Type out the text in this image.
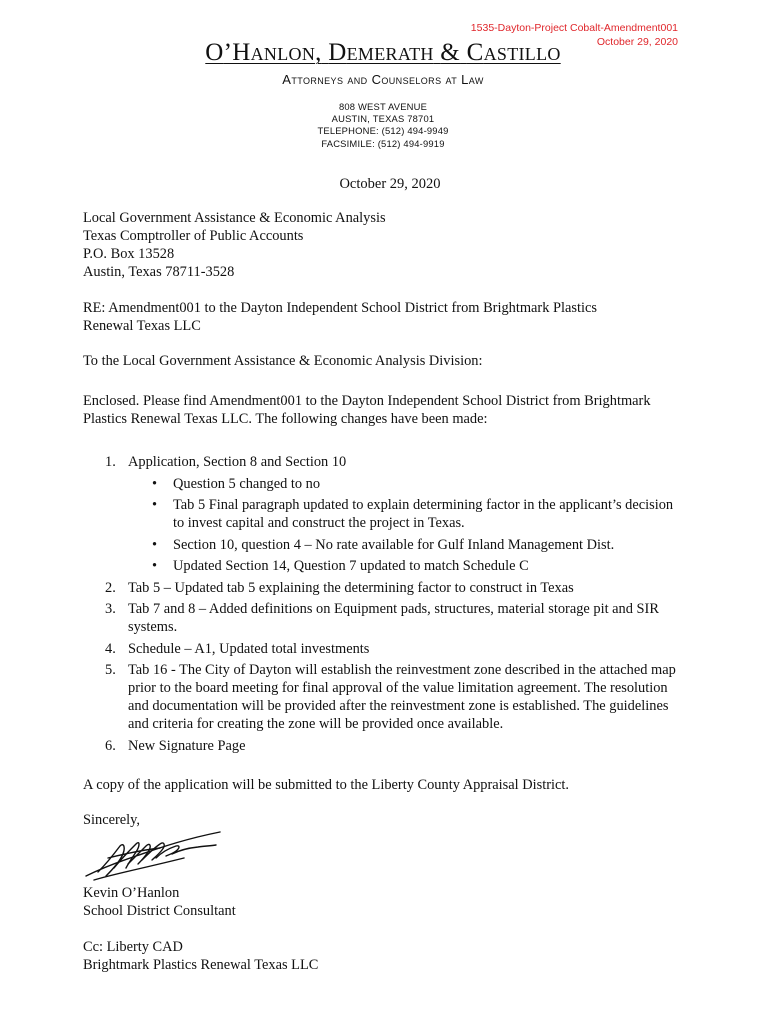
1535-Dayton-Project Cobalt-Amendment001
October 29, 2020
O’Hanlon, Demerath & Castillo
Attorneys and Counselors at Law
808 WEST AVENUE
AUSTIN, TEXAS 78701
TELEPHONE: (512) 494-9949
FACSIMILE: (512) 494-9919
October 29, 2020
Local Government Assistance & Economic Analysis
Texas Comptroller of Public Accounts
P.O. Box 13528
Austin, Texas 78711-3528
RE: Amendment001 to the Dayton Independent School District from Brightmark Plastics
Renewal Texas LLC
To the Local Government Assistance & Economic Analysis Division:
Enclosed. Please find Amendment001 to the Dayton Independent School District from Brightmark
Plastics Renewal Texas LLC. The following changes have been made:
1. Application, Section 8 and Section 10
• Question 5 changed to no
• Tab 5 Final paragraph updated to explain determining factor in the applicant’s decision to invest capital and construct the project in Texas.
• Section 10, question 4 – No rate available for Gulf Inland Management Dist.
• Updated Section 14, Question 7 updated to match Schedule C
2. Tab 5 – Updated tab 5 explaining the determining factor to construct in Texas
3. Tab 7 and 8 – Added definitions on Equipment pads, structures, material storage pit and SIR systems.
4. Schedule – A1, Updated total investments
5. Tab 16 - The City of Dayton will establish the reinvestment zone described in the attached map prior to the board meeting for final approval of the value limitation agreement. The resolution and documentation will be provided after the reinvestment zone is established. The guidelines and criteria for creating the zone will be provided once available.
6. New Signature Page
A copy of the application will be submitted to the Liberty County Appraisal District.
Sincerely,
Kevin O’Hanlon
School District Consultant
Cc: Liberty CAD
Brightmark Plastics Renewal Texas LLC
